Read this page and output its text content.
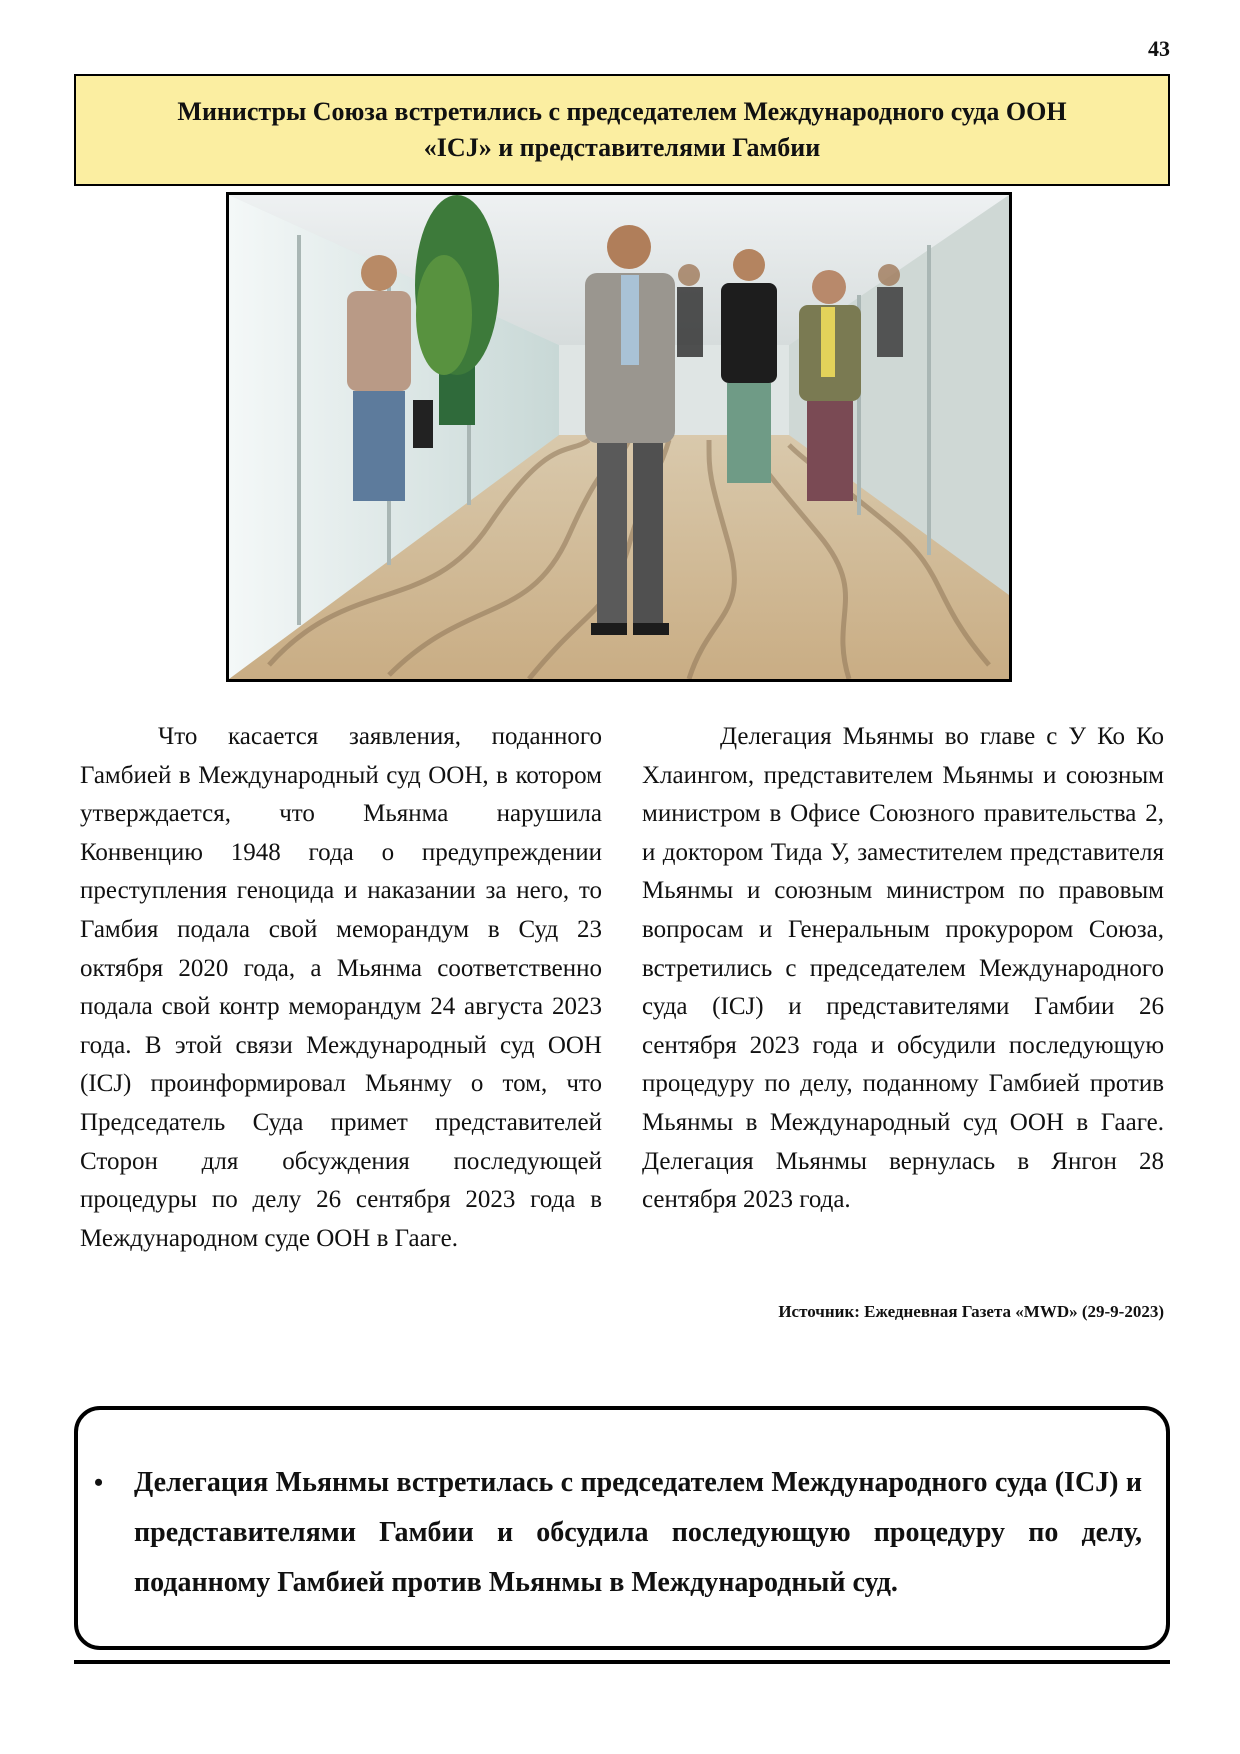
43
Министры Союза встретились с председателем Международного суда ООН
«ICJ» и представителями Гамбии

Что касается заявления, поданного Гамбией в Международный суд ООН, в котором утверждается, что Мьянма нарушила Конвенцию 1948 года о предупреждении преступления геноцида и наказании за него, то Гамбия подала свой меморандум в Суд 23 октября 2020 года, а Мьянма соответственно подала свой контр меморандум 24 августа 2023 года. В этой связи Международный суд ООН (ICJ) проинформировал Мьянму о том, что Председатель Суда примет представителей Сторон для обсуждения последующей процедуры по делу 26 сентября 2023 года в Международном суде ООН в Гааге.

Делегация Мьянмы во главе с У Ко Ко Хлаингом, представителем Мьянмы и союзным министром в Офисе Союзного правительства 2, и доктором Тида У, заместителем представителя Мьянмы и союзным министром по правовым вопросам и Генеральным прокурором Союза, встретились с председателем Международного суда (ICJ) и представителями Гамбии 26 сентября 2023 года и обсудили последующую процедуру по делу, поданному Гамбией против Мьянмы в Международный суд ООН в Гааге. Делегация Мьянмы вернулась в Янгон 28 сентября 2023 года.

Источник: Ежедневная Газета «MWD» (29-9-2023)
• Делегация Мьянмы встретилась с председателем Международного суда (ICJ) и представителями Гамбии и обсудила последующую процедуру по делу, поданному Гамбией против Мьянмы в Международный суд.
